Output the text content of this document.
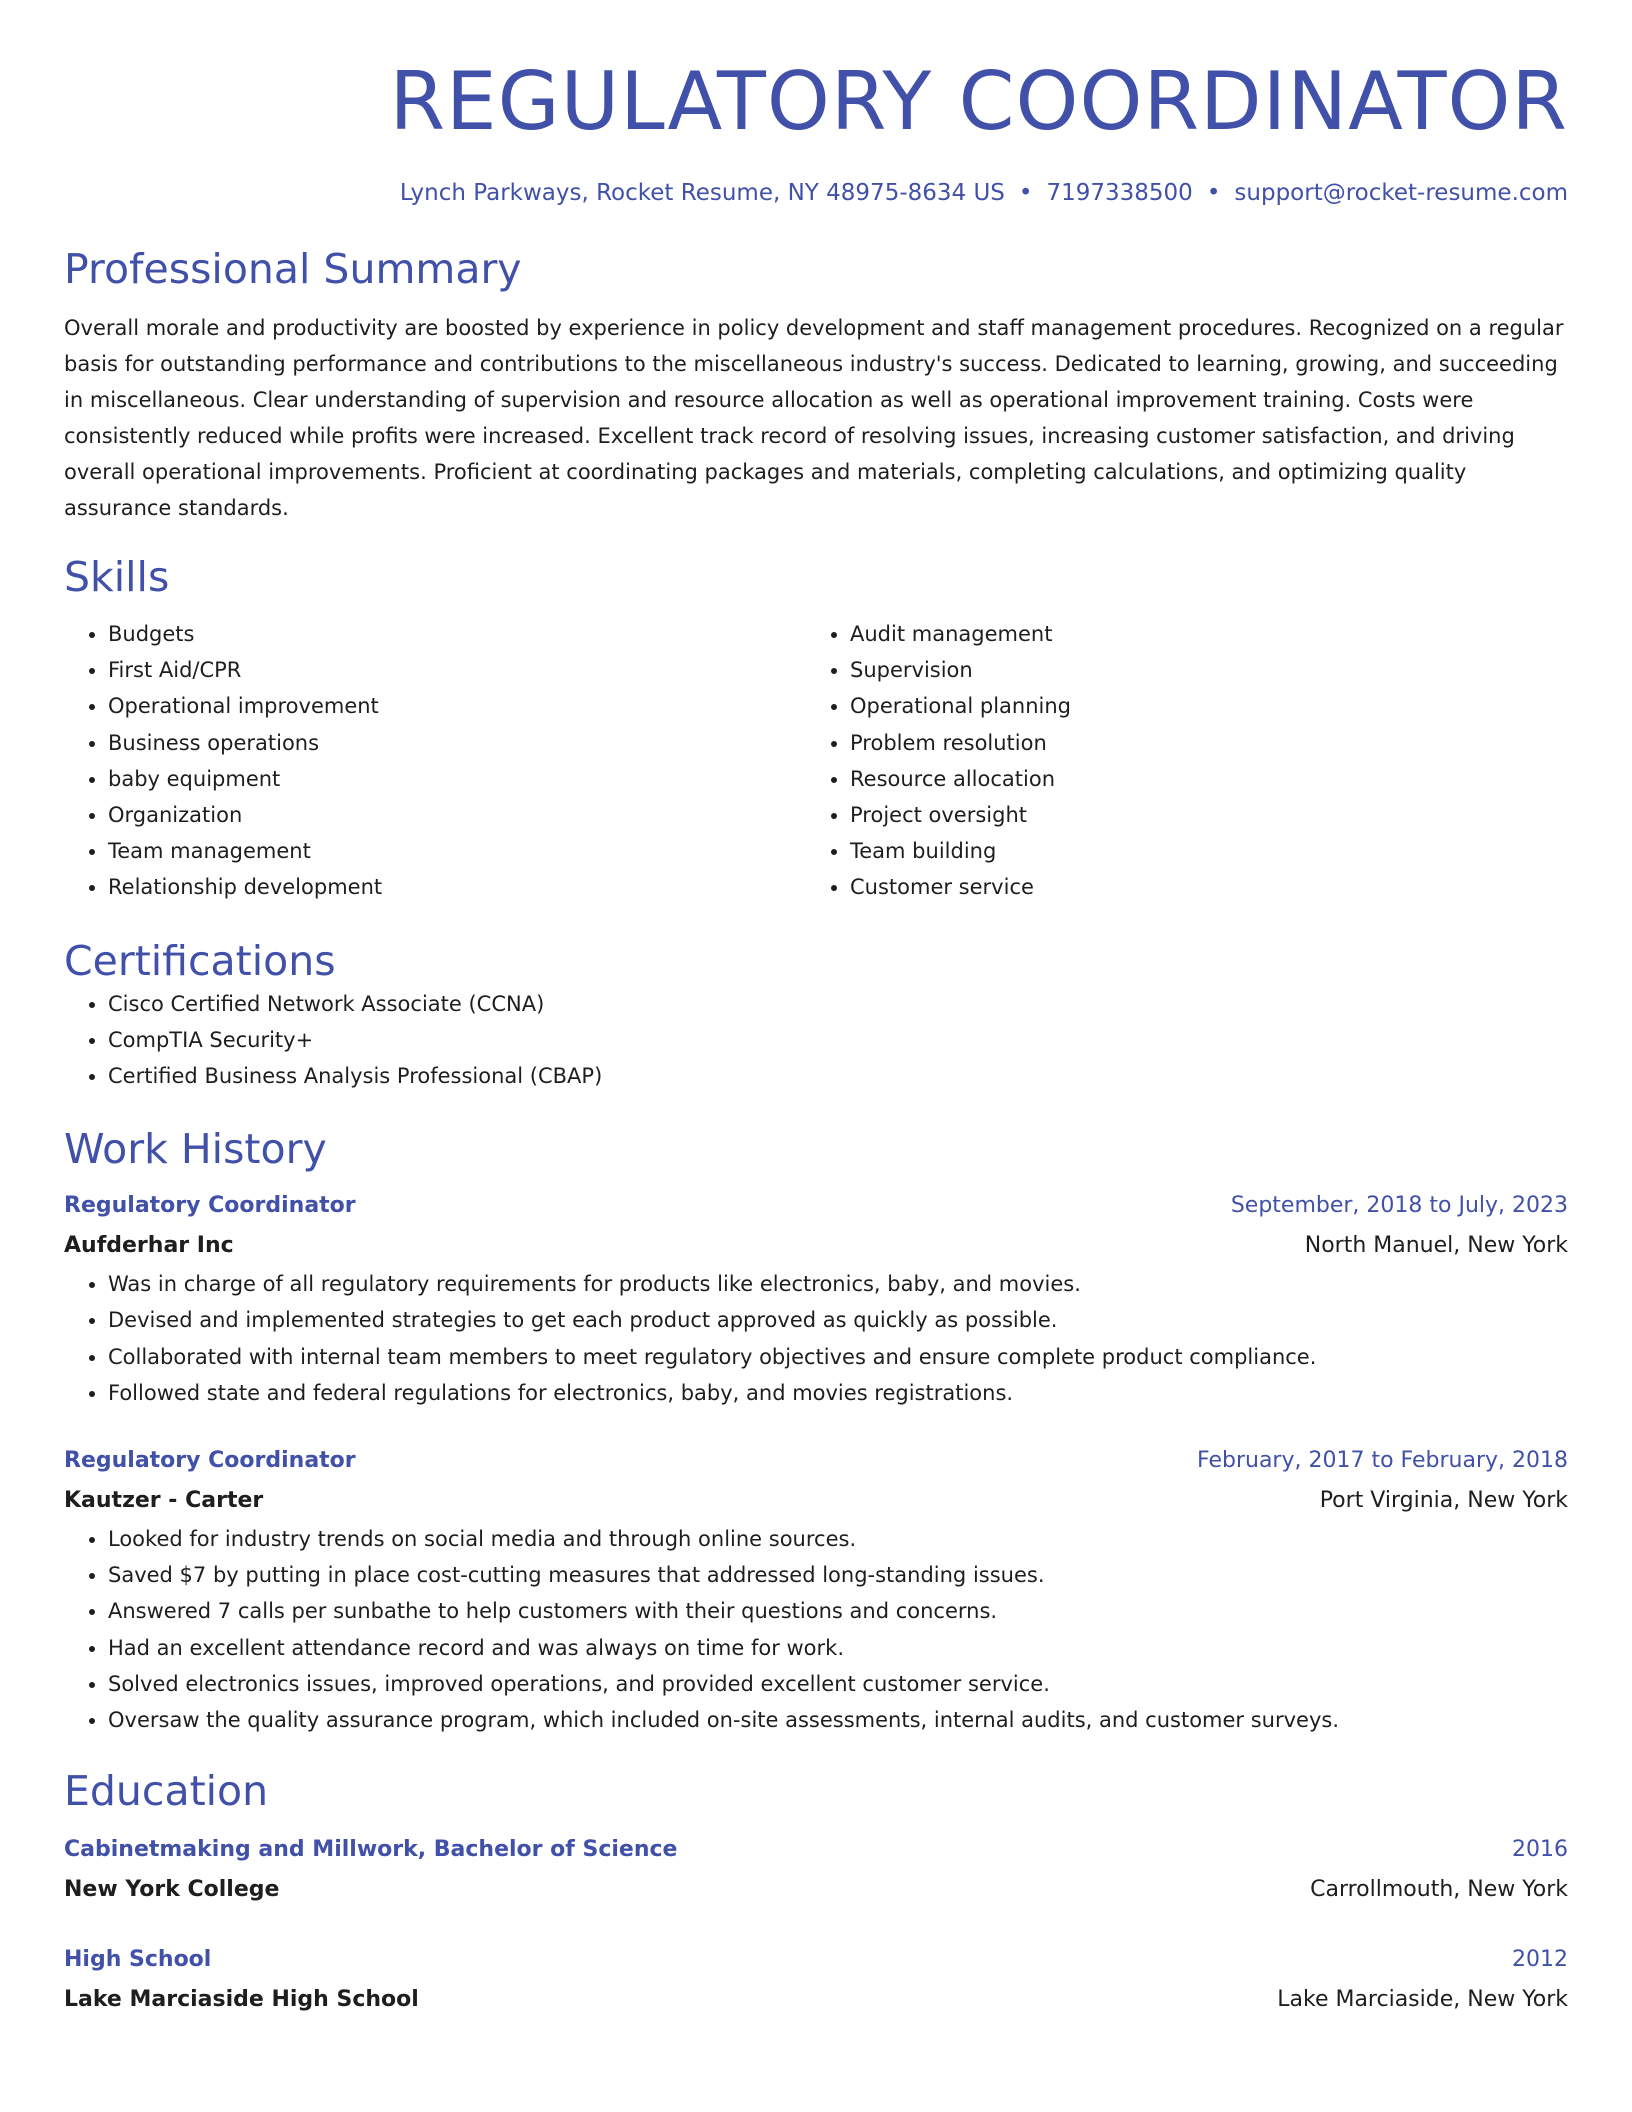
REGULATORY COORDINATOR
Lynch Parkways, Rocket Resume, NY 48975-8634 US • 7197338500 • support@rocket-resume.com
Professional Summary
Overall morale and productivity are boosted by experience in policy development and staff management procedures. Recognized on a regular basis for outstanding performance and contributions to the miscellaneous industry's success. Dedicated to learning, growing, and succeeding in miscellaneous. Clear understanding of supervision and resource allocation as well as operational improvement training. Costs were consistently reduced while profits were increased. Excellent track record of resolving issues, increasing customer satisfaction, and driving overall operational improvements. Proficient at coordinating packages and materials, completing calculations, and optimizing quality assurance standards.
Skills
• Budgets
• First Aid/CPR
• Operational improvement
• Business operations
• baby equipment
• Organization
• Team management
• Relationship development
• Audit management
• Supervision
• Operational planning
• Problem resolution
• Resource allocation
• Project oversight
• Team building
• Customer service
Certifications
• Cisco Certified Network Associate (CCNA)
• CompTIA Security+
• Certified Business Analysis Professional (CBAP)
Work History
Regulatory Coordinator	September, 2018 to July, 2023
Aufderhar Inc	North Manuel, New York
• Was in charge of all regulatory requirements for products like electronics, baby, and movies.
• Devised and implemented strategies to get each product approved as quickly as possible.
• Collaborated with internal team members to meet regulatory objectives and ensure complete product compliance.
• Followed state and federal regulations for electronics, baby, and movies registrations.
Regulatory Coordinator	February, 2017 to February, 2018
Kautzer - Carter	Port Virginia, New York
• Looked for industry trends on social media and through online sources.
• Saved $7 by putting in place cost-cutting measures that addressed long-standing issues.
• Answered 7 calls per sunbathe to help customers with their questions and concerns.
• Had an excellent attendance record and was always on time for work.
• Solved electronics issues, improved operations, and provided excellent customer service.
• Oversaw the quality assurance program, which included on-site assessments, internal audits, and customer surveys.
Education
Cabinetmaking and Millwork, Bachelor of Science	2016
New York College	Carrollmouth, New York
High School	2012
Lake Marciaside High School	Lake Marciaside, New York
